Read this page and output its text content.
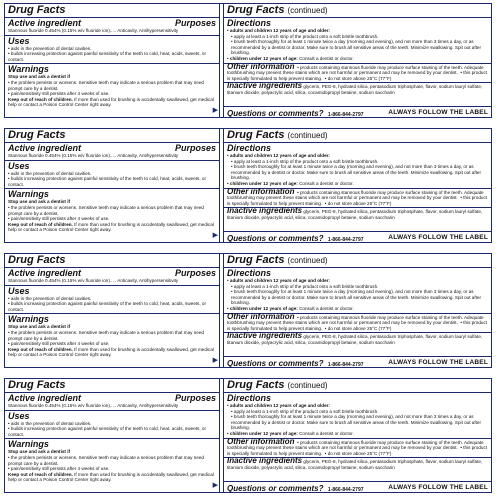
Drug Facts
Active ingredient	Purposes
Stannous fluoride 0.454% (0.15% w/v fluoride ion)..... Anticavity, Antihypersensitivity
Uses
• aids in the prevention of dental cavities.
• builds increasing protection against painful sensitivity of the teeth to cold, heat, acids, sweets, or contact.
Warnings
Stop use and ask a dentist if
• the problem persists or worsens. Sensitive teeth may indicate a serious problem that may need prompt care by a dentist.
• pain/sensitivity still persists after 4 weeks of use.
Keep out of reach of children. If more than used for brushing is accidentally swallowed, get medical help or contact a Poison Control Center right away.
▶
Drug Facts (continued)
Directions
• adults and children 12 years of age and older:
• apply at least a 1-inch strip of the product onto a soft bristle toothbrush.
• brush teeth thoroughly for at least 1 minute twice a day (morning and evening), and not more than 3 times a day, or as recommended by a dentist or doctor. Make sure to brush all sensitive areas of the teeth. Minimize swallowing. Spit out after brushing.
• children under 12 years of age: Consult a dentist or doctor.
Other information  • products containing stannous fluoride may produce surface staining of the teeth. Adequate toothbrushing may prevent these stains which are not harmful or permanent and may be removed by your dentist.  • this product is specially formulated to help prevent staining.  • do not store above 25°C (77°F)
Inactive ingredients glycerin, PEG-8, hydrated silica, pentasodium triphosphate, flavor, sodium lauryl sulfate, titanium dioxide, polyacrylic acid, silica, cocamidopropyl betaine, sodium saccharin
Questions or comments? 1-866-844-2797	ALWAYS FOLLOW THE LABEL
Drug Facts
Active ingredient	Purposes
Stannous fluoride 0.454% (0.15% w/v fluoride ion)..... Anticavity, Antihypersensitivity
Uses
• aids in the prevention of dental cavities.
• builds increasing protection against painful sensitivity of the teeth to cold, heat, acids, sweets, or contact.
Warnings
Stop use and ask a dentist if
• the problem persists or worsens. Sensitive teeth may indicate a serious problem that may need prompt care by a dentist.
• pain/sensitivity still persists after 4 weeks of use.
Keep out of reach of children. If more than used for brushing is accidentally swallowed, get medical help or contact a Poison Control Center right away.
▶
Drug Facts (continued)
Directions
• adults and children 12 years of age and older:
• apply at least a 1-inch strip of the product onto a soft bristle toothbrush.
• brush teeth thoroughly for at least 1 minute twice a day (morning and evening), and not more than 3 times a day, or as recommended by a dentist or doctor. Make sure to brush all sensitive areas of the teeth. Minimize swallowing. Spit out after brushing.
• children under 12 years of age: Consult a dentist or doctor.
Other information  • products containing stannous fluoride may produce surface staining of the teeth. Adequate toothbrushing may prevent these stains which are not harmful or permanent and may be removed by your dentist.  • this product is specially formulated to help prevent staining.  • do not store above 25°C (77°F)
Inactive ingredients glycerin, PEG-8, hydrated silica, pentasodium triphosphate, flavor, sodium lauryl sulfate, titanium dioxide, polyacrylic acid, silica, cocamidopropyl betaine, sodium saccharin
Questions or comments? 1-866-844-2797	ALWAYS FOLLOW THE LABEL
Drug Facts
Active ingredient	Purposes
Stannous fluoride 0.454% (0.15% w/v fluoride ion)..... Anticavity, Antihypersensitivity
Uses
• aids in the prevention of dental cavities.
• builds increasing protection against painful sensitivity of the teeth to cold, heat, acids, sweets, or contact.
Warnings
Stop use and ask a dentist if
• the problem persists or worsens. Sensitive teeth may indicate a serious problem that may need prompt care by a dentist.
• pain/sensitivity still persists after 4 weeks of use.
Keep out of reach of children. If more than used for brushing is accidentally swallowed, get medical help or contact a Poison Control Center right away.
▶
Drug Facts (continued)
Directions
• adults and children 12 years of age and older:
• apply at least a 1-inch strip of the product onto a soft bristle toothbrush.
• brush teeth thoroughly for at least 1 minute twice a day (morning and evening), and not more than 3 times a day, or as recommended by a dentist or doctor. Make sure to brush all sensitive areas of the teeth. Minimize swallowing. Spit out after brushing.
• children under 12 years of age: Consult a dentist or doctor.
Other information  • products containing stannous fluoride may produce surface staining of the teeth. Adequate toothbrushing may prevent these stains which are not harmful or permanent and may be removed by your dentist.  • this product is specially formulated to help prevent staining.  • do not store above 25°C (77°F)
Inactive ingredients glycerin, PEG-8, hydrated silica, pentasodium triphosphate, flavor, sodium lauryl sulfate, titanium dioxide, polyacrylic acid, silica, cocamidopropyl betaine, sodium saccharin
Questions or comments? 1-866-844-2797	ALWAYS FOLLOW THE LABEL
Drug Facts
Active ingredient	Purposes
Stannous fluoride 0.454% (0.15% w/v fluoride ion)..... Anticavity, Antihypersensitivity
Uses
• aids in the prevention of dental cavities.
• builds increasing protection against painful sensitivity of the teeth to cold, heat, acids, sweets, or contact.
Warnings
Stop use and ask a dentist if
• the problem persists or worsens. Sensitive teeth may indicate a serious problem that may need prompt care by a dentist.
• pain/sensitivity still persists after 4 weeks of use.
Keep out of reach of children. If more than used for brushing is accidentally swallowed, get medical help or contact a Poison Control Center right away.
▶
Drug Facts (continued)
Directions
• adults and children 12 years of age and older:
• apply at least a 1-inch strip of the product onto a soft bristle toothbrush.
• brush teeth thoroughly for at least 1 minute twice a day (morning and evening), and not more than 3 times a day, or as recommended by a dentist or doctor. Make sure to brush all sensitive areas of the teeth. Minimize swallowing. Spit out after brushing.
• children under 12 years of age: Consult a dentist or doctor.
Other information  • products containing stannous fluoride may produce surface staining of the teeth. Adequate toothbrushing may prevent these stains which are not harmful or permanent and may be removed by your dentist.  • this product is specially formulated to help prevent staining.  • do not store above 25°C (77°F)
Inactive ingredients glycerin, PEG-8, hydrated silica, pentasodium triphosphate, flavor, sodium lauryl sulfate, titanium dioxide, polyacrylic acid, silica, cocamidopropyl betaine, sodium saccharin
Questions or comments? 1-866-844-2797	ALWAYS FOLLOW THE LABEL
